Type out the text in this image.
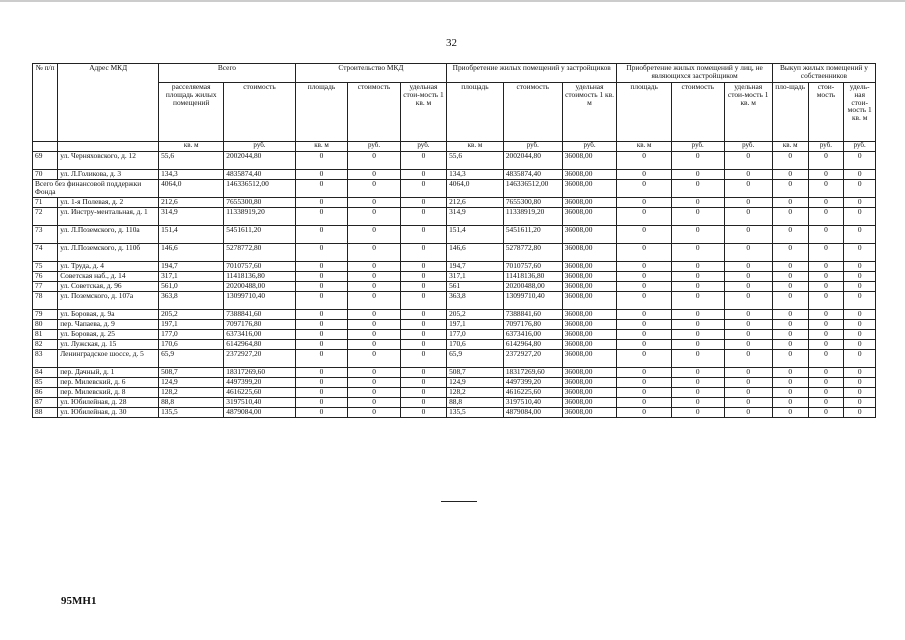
32
№ п/п	Адрес МКД	Всего		Строительство МКД			Приобретение жилых помещений у застройщиков			Приобретение жилых помещений у лиц, не являющихся застройщиком			Выкуп жилых помещений у собственников		
		расселяемая площадь жилых помещений	стоимость	площадь	стоимость	удельная стои-мость 1 кв. м	площадь	стоимость	удельная стоимость 1 кв. м	площадь	стоимость	удельная стои-мость 1 кв. м	пло-щадь	стои-мость	удель-ная стои-мость 1 кв. м
		кв. м	руб.	кв. м	руб.	руб.	кв. м	руб.	руб.	кв. м	руб.	руб.	кв. м	руб.	руб.
69	ул. Черняховского, д. 12	55,6	2002044,80	0	0	0	55,6	2002044,80	36008,00	0	0	0	0	0	0
70	ул. Л.Голикова, д. 3	134,3	4835874,40	0	0	0	134,3	4835874,40	36008,00	0	0	0	0	0	0
Всего без финансовой поддержки Фонда		4064,0	146336512,00	0	0	0	4064,0	146336512,00	36008,00	0	0	0	0	0	0
71	ул. 1-я Полевая, д. 2	212,6	7655300,80	0	0	0	212,6	7655300,80	36008,00	0	0	0	0	0	0
72	ул. Инстру-ментальная, д. 1	314,9	11338919,20	0	0	0	314,9	11338919,20	36008,00	0	0	0	0	0	0
73	ул. Л.Поземского, д. 110а	151,4	5451611,20	0	0	0	151,4	5451611,20	36008,00	0	0	0	0	0	0
74	ул. Л.Поземского, д. 110б	146,6	5278772,80	0	0	0	146,6	5278772,80	36008,00	0	0	0	0	0	0
75	ул. Труда, д. 4	194,7	7010757,60	0	0	0	194,7	7010757,60	36008,00	0	0	0	0	0	0
76	Советская наб., д. 14	317,1	11418136,80	0	0	0	317,1	11418136,80	36008,00	0	0	0	0	0	0
77	ул. Советская, д. 96	561,0	20200488,00	0	0	0	561	20200488,00	36008,00	0	0	0	0	0	0
78	ул. Поземского, д. 107а	363,8	13099710,40	0	0	0	363,8	13099710,40	36008,00	0	0	0	0	0	0
79	ул. Боровая, д. 9а	205,2	7388841,60	0	0	0	205,2	7388841,60	36008,00	0	0	0	0	0	0
80	пер. Чапаева, д. 9	197,1	7097176,80	0	0	0	197,1	7097176,80	36008,00	0	0	0	0	0	0
81	ул. Боровая, д. 25	177,0	6373416,00	0	0	0	177,0	6373416,00	36008,00	0	0	0	0	0	0
82	ул. Лужская, д. 15	170,6	6142964,80	0	0	0	170,6	6142964,80	36008,00	0	0	0	0	0	0
83	Ленинградское шоссе, д. 5	65,9	2372927,20	0	0	0	65,9	2372927,20	36008,00	0	0	0	0	0	0
84	пер. Дачный, д. 1	508,7	18317269,60	0	0	0	508,7	18317269,60	36008,00	0	0	0	0	0	0
85	пер. Милевский, д. 6	124,9	4497399,20	0	0	0	124,9	4497399,20	36008,00	0	0	0	0	0	0
86	пер. Милевский, д. 8	128,2	4616225,60	0	0	0	128,2	4616225,60	36008,00	0	0	0	0	0	0
87	ул. Юбилейная, д. 28	88,8	3197510,40	0	0	0	88,8	3197510,40	36008,00	0	0	0	0	0	0
88	ул. Юбилейная, д. 30	135,5	4879084,00	0	0	0	135,5	4879084,00	36008,00	0	0	0	0	0	0
95МН1
